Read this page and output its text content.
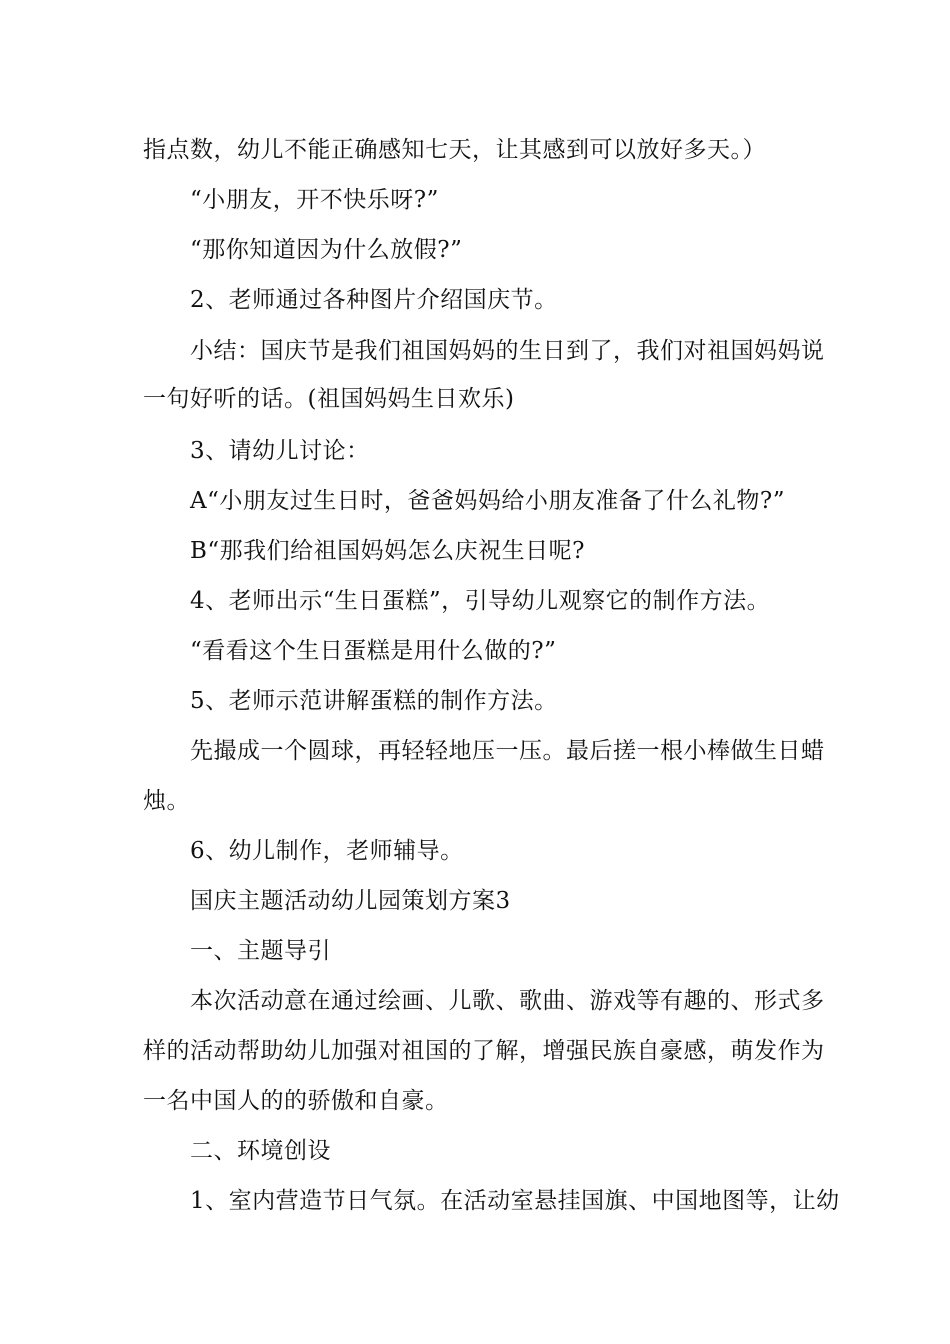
指点数，幼儿不能正确感知七天，让其感到可以放好多天。）
“小朋友，开不快乐呀?”
“那你知道因为什么放假?”
2、老师通过各种图片介绍国庆节。
小结：国庆节是我们祖国妈妈的生日到了，我们对祖国妈妈说
一句好听的话。(祖国妈妈生日欢乐)
3、请幼儿讨论：
A“小朋友过生日时，爸爸妈妈给小朋友准备了什么礼物?”
B“那我们给祖国妈妈怎么庆祝生日呢?
4、老师出示“生日蛋糕”，引导幼儿观察它的制作方法。
“看看这个生日蛋糕是用什么做的?”
5、老师示范讲解蛋糕的制作方法。
先撮成一个圆球，再轻轻地压一压。最后搓一根小棒做生日蜡
烛。
6、幼儿制作，老师辅导。
国庆主题活动幼儿园策划方案3
一、主题导引
本次活动意在通过绘画、儿歌、歌曲、游戏等有趣的、形式多
样的活动帮助幼儿加强对祖国的了解，增强民族自豪感，萌发作为
一名中国人的的骄傲和自豪。
二、环境创设
1、室内营造节日气氛。在活动室悬挂国旗、中国地图等，让幼
